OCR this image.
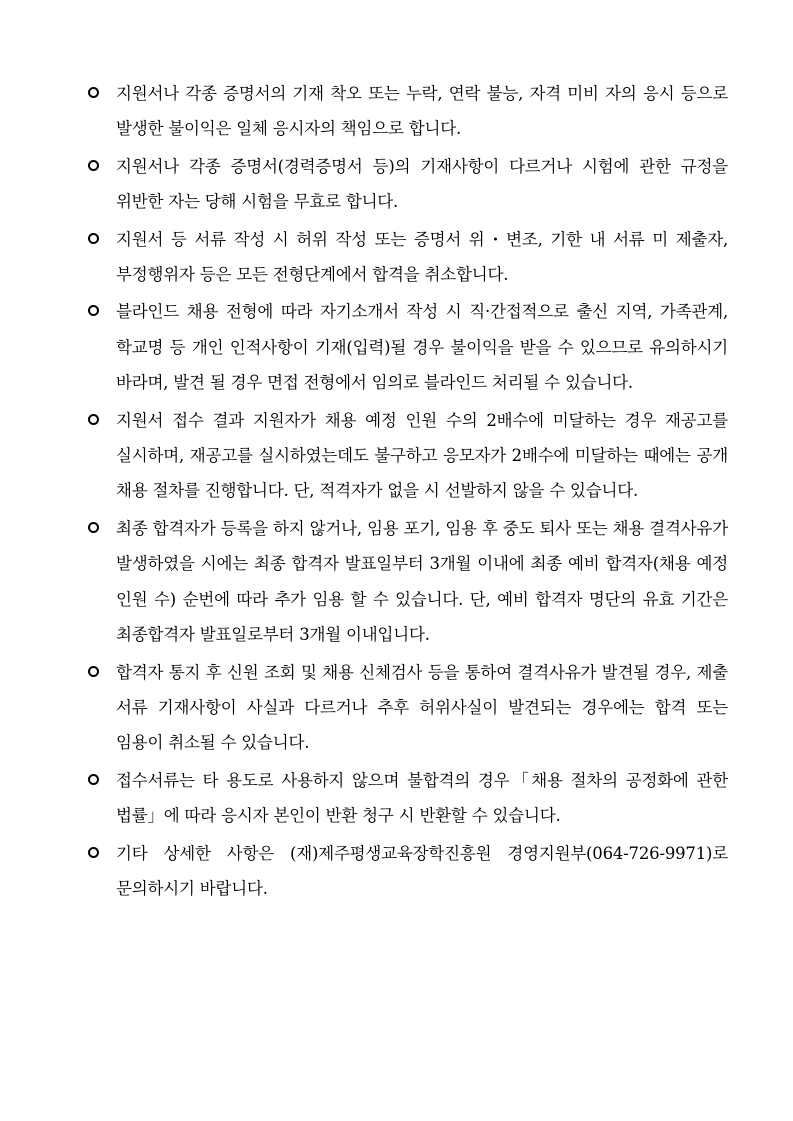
지원서나 각종 증명서의 기재 착오 또는 누락, 연락 불능, 자격 미비 자의 응시 등으로 발생한 불이익은 일체 응시자의 책임으로 합니다.
지원서나 각종 증명서(경력증명서 등)의 기재사항이 다르거나 시험에 관한 규정을 위반한 자는 당해 시험을 무효로 합니다.
지원서 등 서류 작성 시 허위 작성 또는 증명서 위・변조, 기한 내 서류 미 제출자, 부정행위자 등은 모든 전형단계에서 합격을 취소합니다.
블라인드 채용 전형에 따라 자기소개서 작성 시 직·간접적으로 출신 지역, 가족관계, 학교명 등 개인 인적사항이 기재(입력)될 경우 불이익을 받을 수 있으므로 유의하시기 바라며, 발견 될 경우 면접 전형에서 임의로 블라인드 처리될 수 있습니다.
지원서 접수 결과 지원자가 채용 예정 인원 수의 2배수에 미달하는 경우 재공고를 실시하며, 재공고를 실시하였는데도 불구하고 응모자가 2배수에 미달하는 때에는 공개 채용 절차를 진행합니다. 단, 적격자가 없을 시 선발하지 않을 수 있습니다.
최종 합격자가 등록을 하지 않거나, 임용 포기, 임용 후 중도 퇴사 또는 채용 결격사유가 발생하였을 시에는 최종 합격자 발표일부터 3개월 이내에 최종 예비 합격자(채용 예정 인원 수) 순번에 따라 추가 임용 할 수 있습니다. 단, 예비 합격자 명단의 유효 기간은 최종합격자 발표일로부터 3개월 이내입니다.
합격자 통지 후 신원 조회 및 채용 신체검사 등을 통하여 결격사유가 발견될 경우, 제출 서류 기재사항이 사실과 다르거나 추후 허위사실이 발견되는 경우에는 합격 또는 임용이 취소될 수 있습니다.
접수서류는 타 용도로 사용하지 않으며 불합격의 경우「채용 절차의 공정화에 관한 법률」에 따라 응시자 본인이 반환 청구 시 반환할 수 있습니다.
기타 상세한 사항은 (재)제주평생교육장학진흥원 경영지원부(064-726-9971)로 문의하시기 바랍니다.
